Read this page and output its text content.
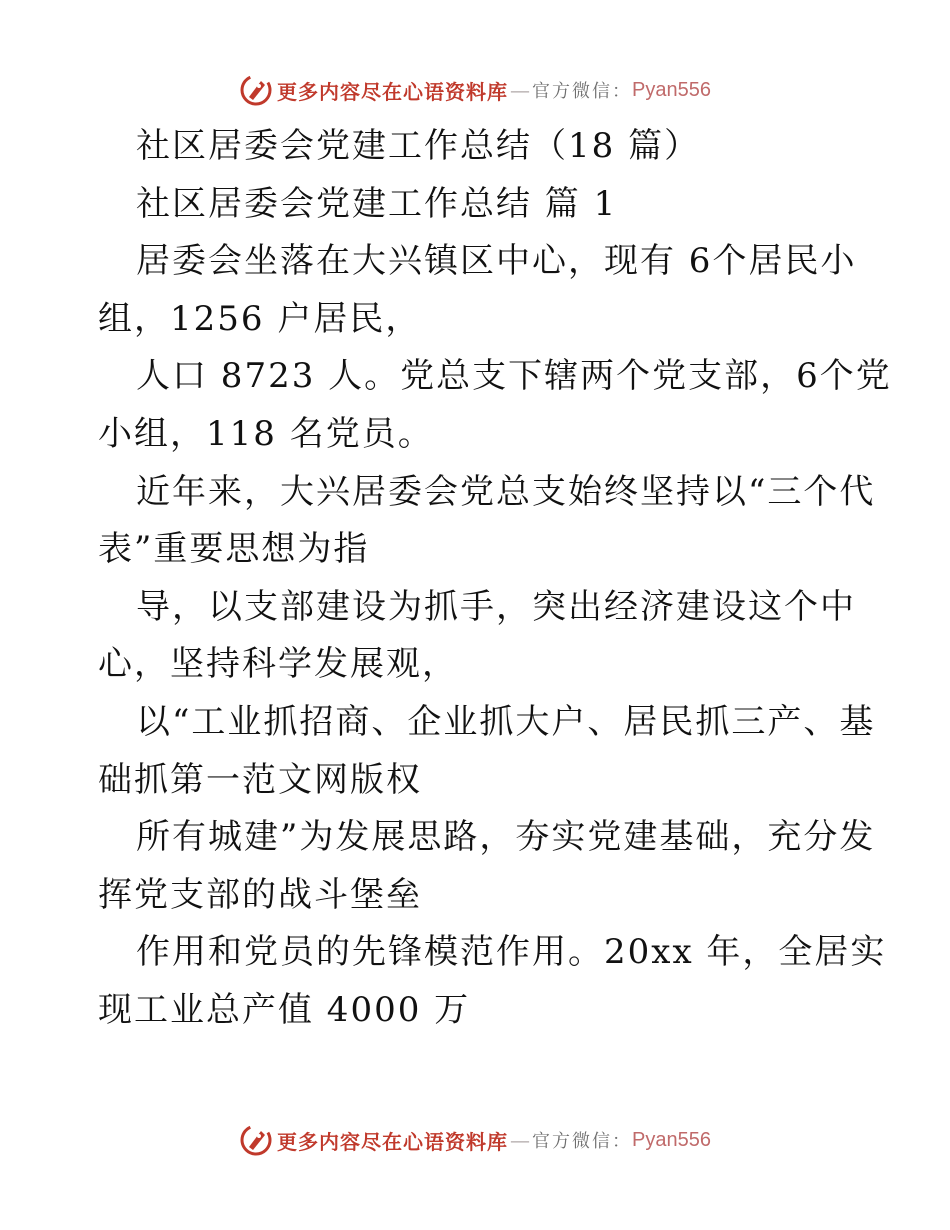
更多内容尽在心语资料库 — 官方微信： Pyan556
社区居委会党建工作总结（18 篇）
社区居委会党建工作总结 篇 1
居委会坐落在大兴镇区中心，现有 6个居民小
组，1256 户居民，
人口 8723 人。党总支下辖两个党支部，6个党
小组，118 名党员。
近年来，大兴居委会党总支始终坚持以“三个代
表”重要思想为指
导，以支部建设为抓手，突出经济建设这个中
心，坚持科学发展观，
以“工业抓招商、企业抓大户、居民抓三产、基
础抓第一范文网版权
所有城建”为发展思路，夯实党建基础，充分发
挥党支部的战斗堡垒
作用和党员的先锋模范作用。20xx 年，全居实
现工业总产值 4000 万
更多内容尽在心语资料库 — 官方微信： Pyan556
